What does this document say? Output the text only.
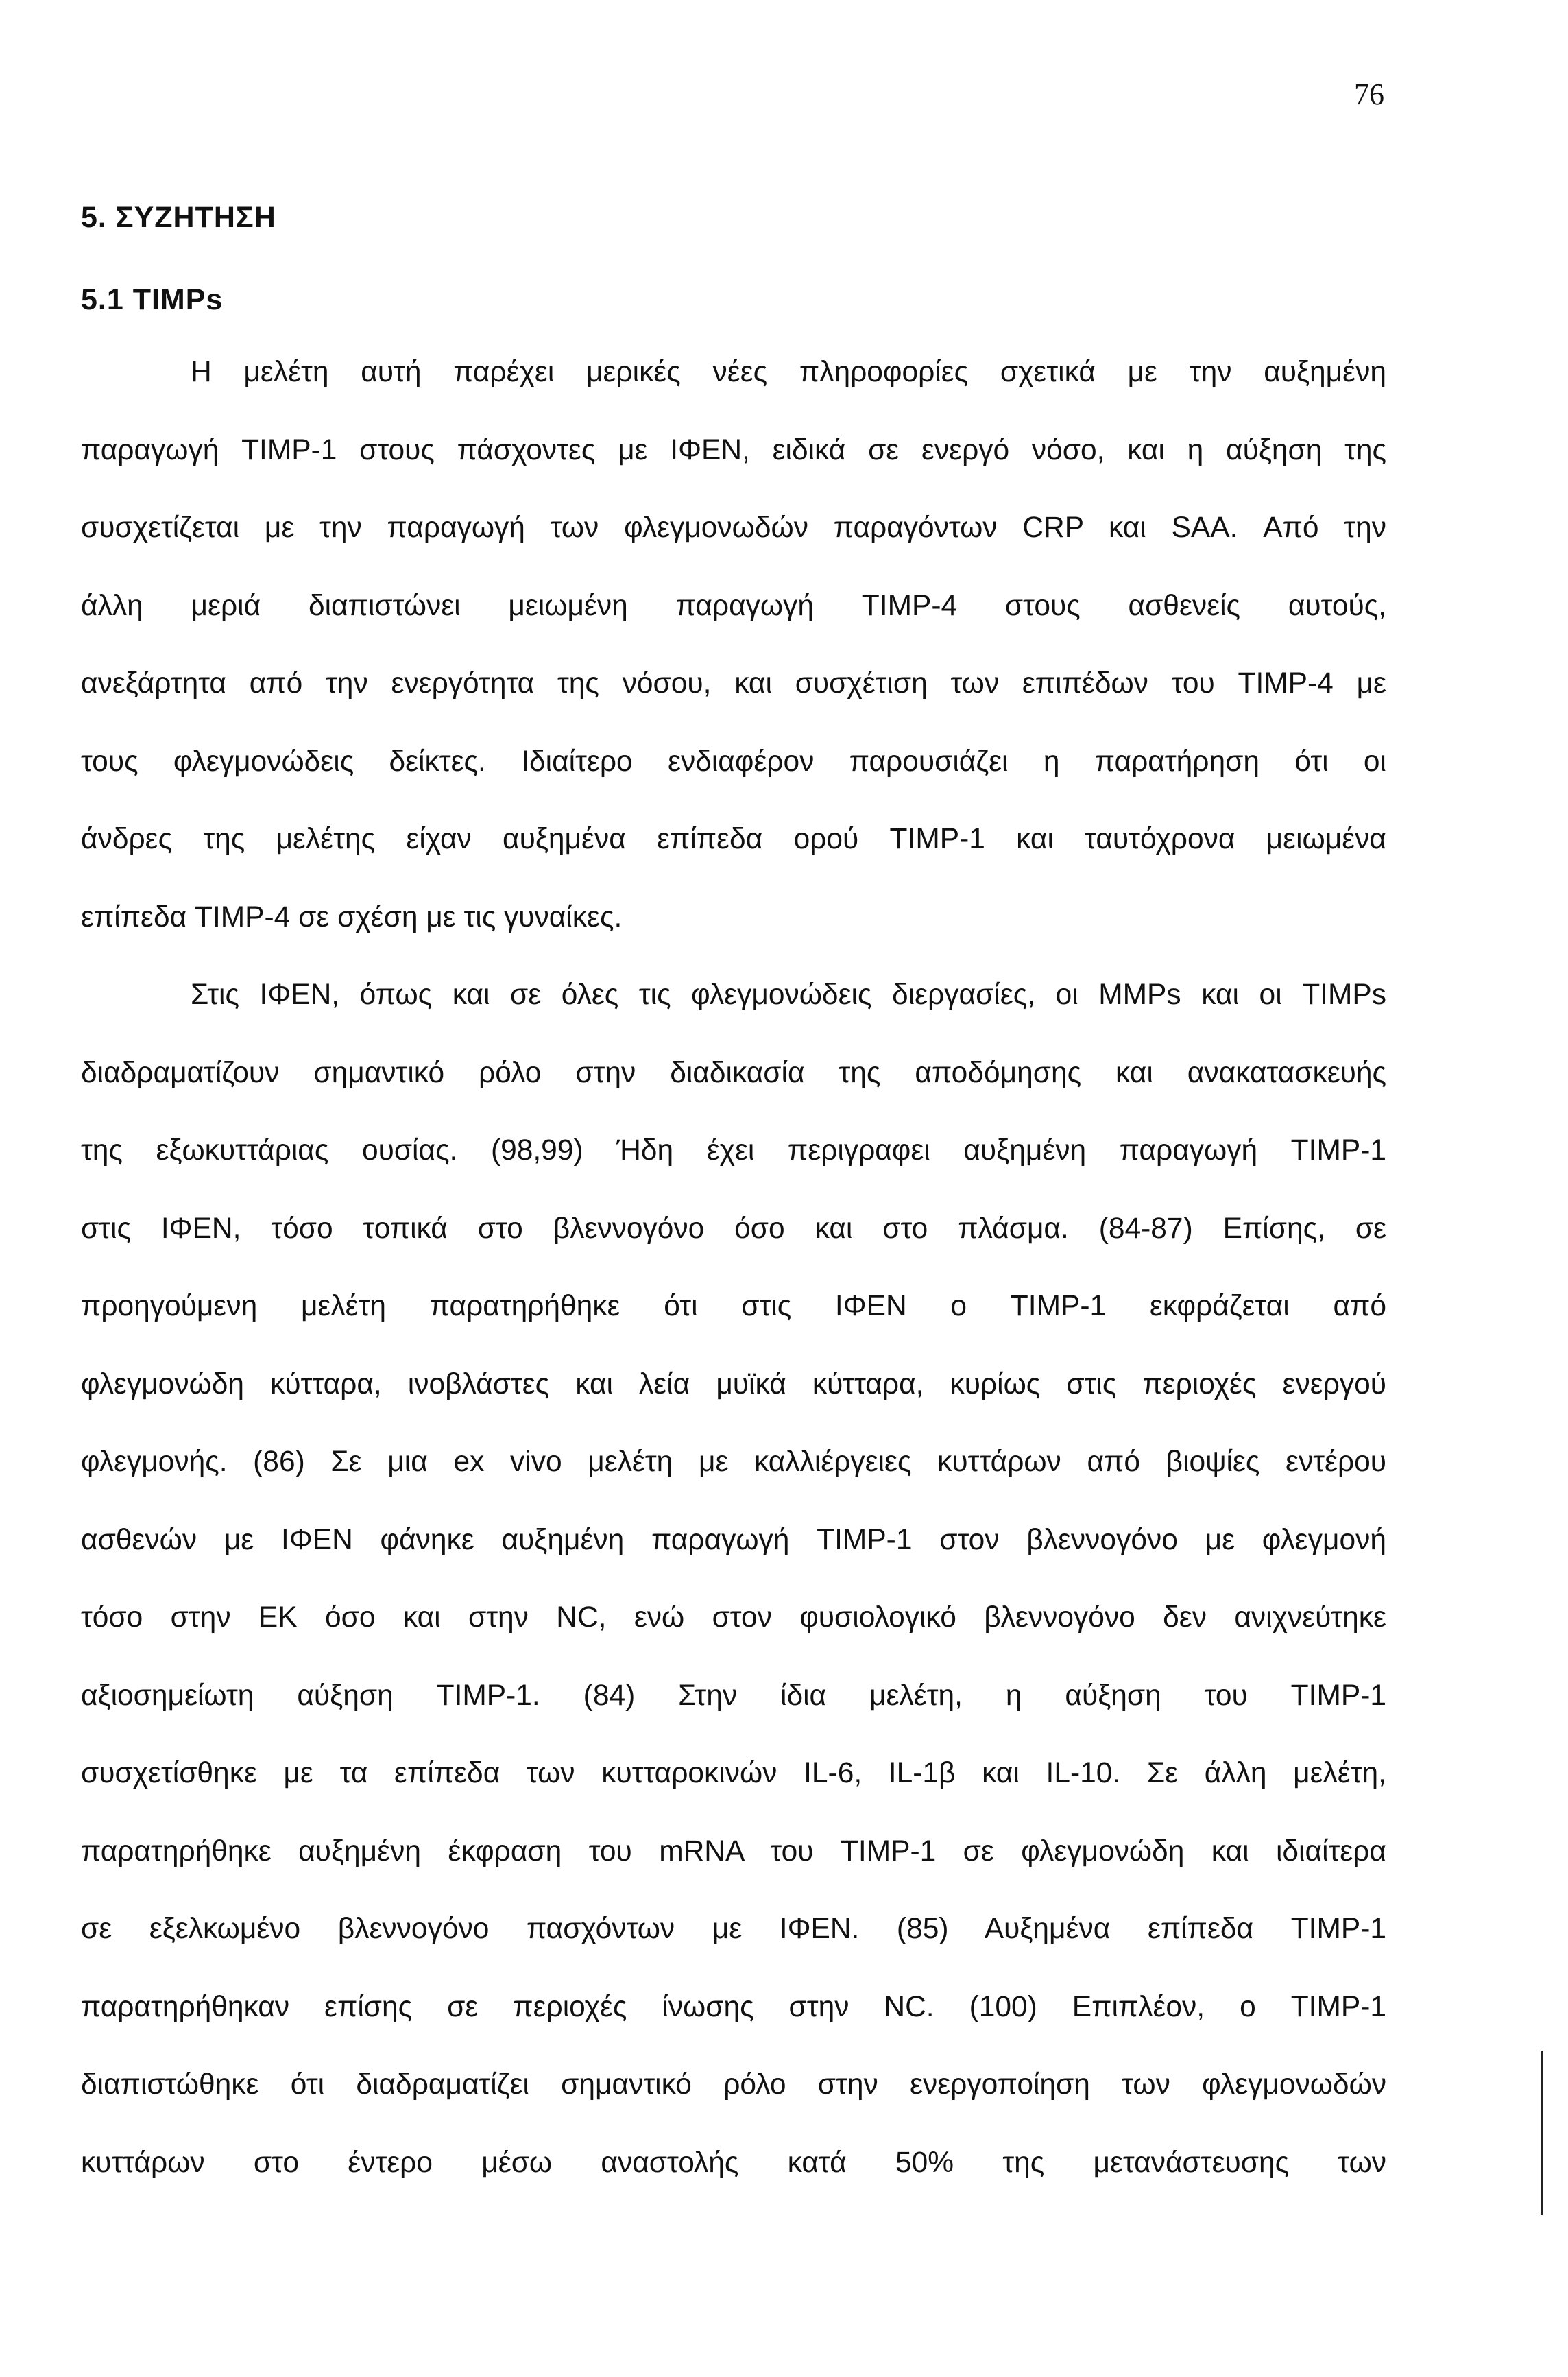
76
5. ΣΥΖΗΤΗΣΗ
5.1 TIMPs
Η μελέτη αυτή παρέχει μερικές νέες πληροφορίες σχετικά με την αυξημένη
παραγωγή TIMP-1 στους πάσχοντες με ΙΦΕΝ, ειδικά σε ενεργό νόσο, και η αύξηση της
συσχετίζεται με την παραγωγή των φλεγμονωδών παραγόντων CRP και SAA. Από την
άλλη μεριά διαπιστώνει μειωμένη παραγωγή TIMP-4 στους ασθενείς αυτούς,
ανεξάρτητα από την ενεργότητα της νόσου, και συσχέτιση των επιπέδων του TIMP-4 με
τους φλεγμονώδεις δείκτες. Ιδιαίτερο ενδιαφέρον παρουσιάζει η παρατήρηση ότι οι
άνδρες της μελέτης είχαν αυξημένα επίπεδα ορού TIMP-1 και ταυτόχρονα μειωμένα
επίπεδα TIMP-4 σε σχέση με τις γυναίκες.
Στις ΙΦΕΝ, όπως και σε όλες τις φλεγμονώδεις διεργασίες, οι MMPs και οι TIMPs
διαδραματίζουν σημαντικό ρόλο στην διαδικασία της αποδόμησης και ανακατασκευής
της εξωκυττάριας ουσίας. (98,99) Ήδη έχει περιγραφει αυξημένη παραγωγή TIMP-1
στις ΙΦΕΝ, τόσο τοπικά στο βλεννογόνο όσο και στο πλάσμα. (84-87) Επίσης, σε
προηγούμενη μελέτη παρατηρήθηκε ότι στις ΙΦΕΝ ο TIMP-1 εκφράζεται από
φλεγμονώδη κύτταρα, ινοβλάστες και λεία μυϊκά κύτταρα, κυρίως στις περιοχές ενεργού
φλεγμονής. (86) Σε μια ex vivo μελέτη με καλλιέργειες κυττάρων από βιοψίες εντέρου
ασθενών με ΙΦΕΝ φάνηκε αυξημένη παραγωγή TIMP-1 στον βλεννογόνο με φλεγμονή
τόσο στην ΕΚ όσο και στην NC, ενώ στον φυσιολογικό βλεννογόνο δεν ανιχνεύτηκε
αξιοσημείωτη αύξηση TIMP-1. (84) Στην ίδια μελέτη, η αύξηση του TIMP-1
συσχετίσθηκε με τα επίπεδα των κυτταροκινών IL-6, IL-1β και IL-10. Σε άλλη μελέτη,
παρατηρήθηκε αυξημένη έκφραση του mRNA του TIMP-1 σε φλεγμονώδη και ιδιαίτερα
σε εξελκωμένο βλεννογόνο πασχόντων με ΙΦΕΝ. (85) Αυξημένα επίπεδα TIMP-1
παρατηρήθηκαν επίσης σε περιοχές ίνωσης στην NC. (100) Επιπλέον, ο TIMP-1
διαπιστώθηκε ότι διαδραματίζει σημαντικό ρόλο στην ενεργοποίηση των φλεγμονωδών
κυττάρων στο έντερο μέσω αναστολής κατά 50% της μετανάστευσης των
